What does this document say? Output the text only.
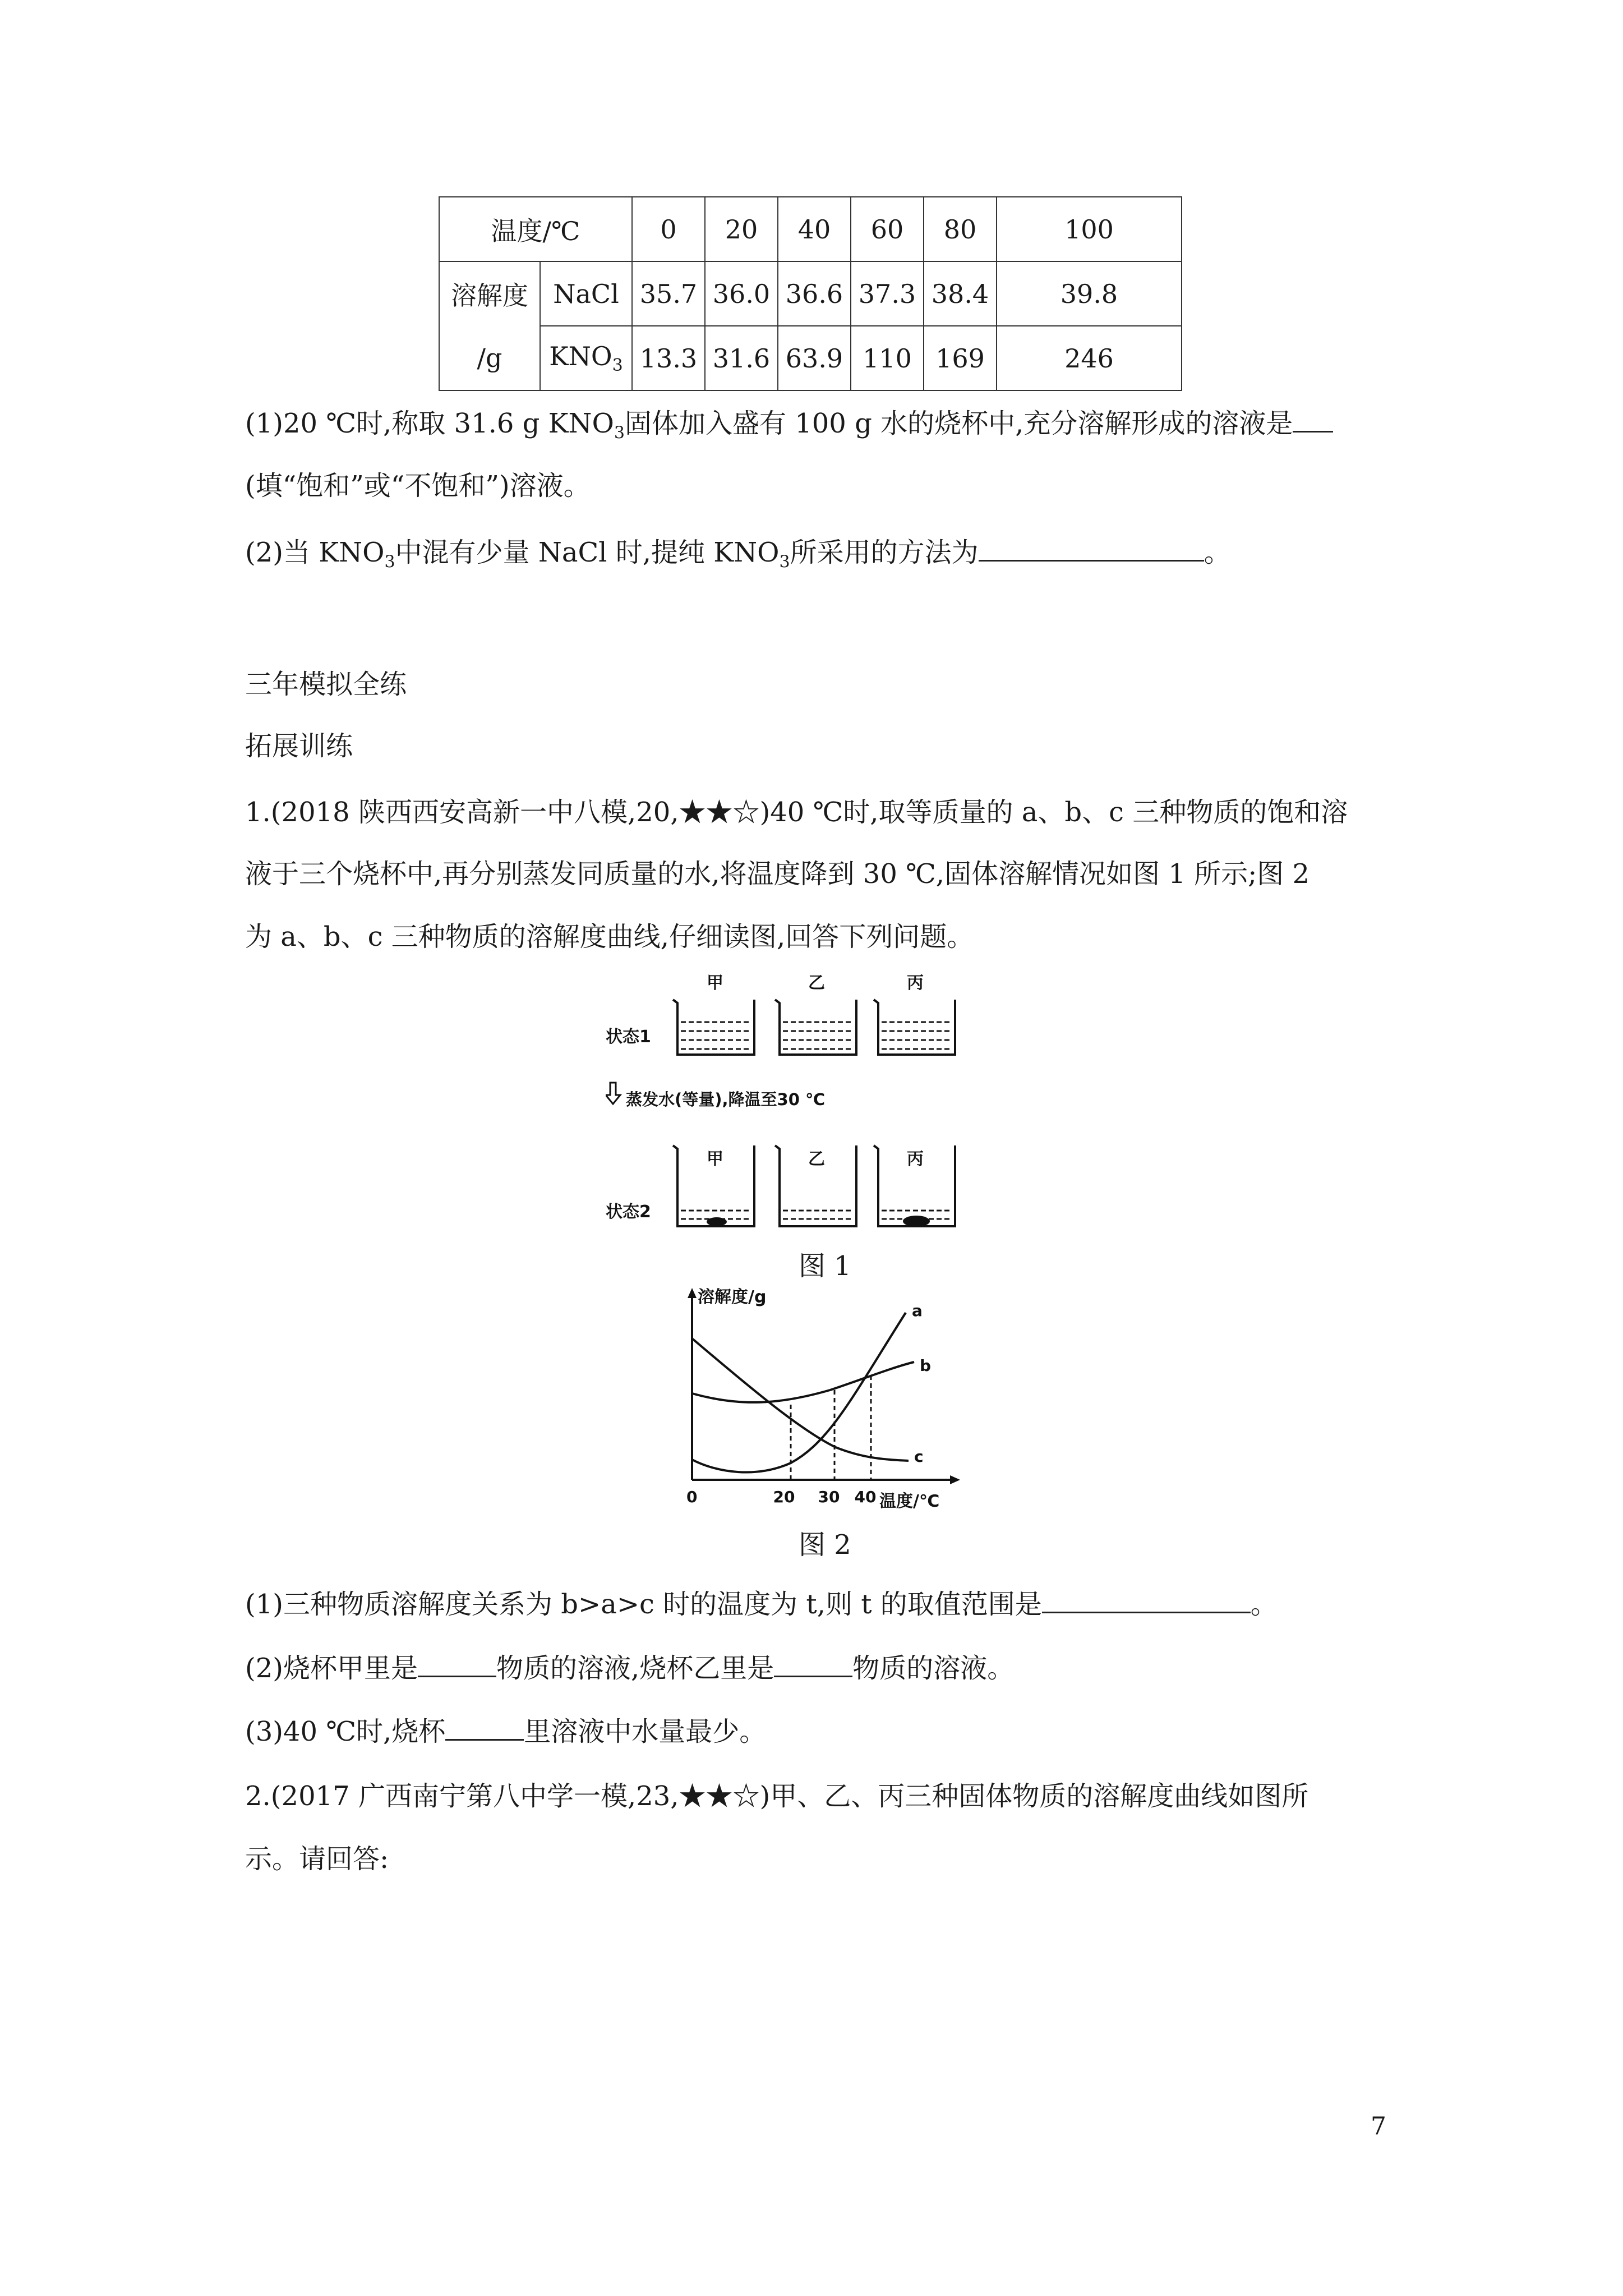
温度/℃		0	20	40	60	80	100
溶解度	NaCl	35.7	36.0	36.6	37.3	38.4	39.8
/g	$KNO_3$	13.3	31.6	63.9	110	169	246
(1)20 ℃时,称取 31.6 g $KNO_3$固体加入盛有 100 g 水的烧杯中,充分溶解形成的溶液是
(填“饱和”或“不饱和”)溶液。
(2)当 $KNO_3$中混有少量 NaCl 时,提纯 $KNO_3$所采用的方法为	。
三年模拟全练
拓展训练
1.(2018 陕西西安高新一中八模,20,★★☆)40 ℃时,取等质量的 a、b、c 三种物质的饱和溶
液于三个烧杯中,再分别蒸发同质量的水,将温度降到 30 ℃,固体溶解情况如图 1 所示;图 2
为 a、b、c 三种物质的溶解度曲线,仔细读图,回答下列问题。
甲	乙	丙
状态1
蒸发水(等量),降温至30 ℃
状态2
甲	乙	丙
图 1
溶解度/g
0	20 30 40 温度/℃
a
b
c
图 2
(1)三种物质溶解度关系为 b>a>c 时的温度为 t,则 t 的取值范围是	。
(2)烧杯甲里是	物质的溶液,烧杯乙里是	物质的溶液。
(3)40 ℃时,烧杯	里溶液中水量最少。
2.(2017 广西南宁第八中学一模,23,★★☆)甲、乙、丙三种固体物质的溶解度曲线如图所
示。请回答:
7
